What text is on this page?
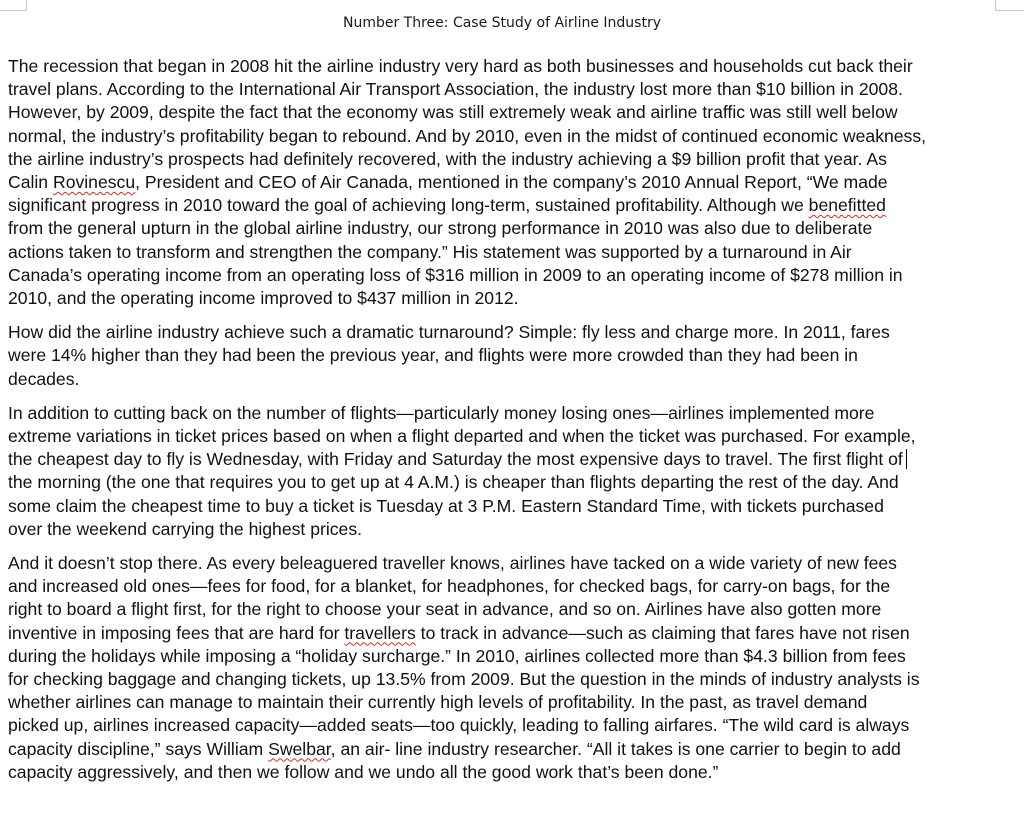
Number Three: Case Study of Airline Industry
The recession that began in 2008 hit the airline industry very hard as both businesses and households cut back their
travel plans. According to the International Air Transport Association, the industry lost more than $10 billion in 2008.
However, by 2009, despite the fact that the economy was still extremely weak and airline traffic was still well below
normal, the industry’s profitability began to rebound. And by 2010, even in the midst of continued economic weakness,
the airline industry’s prospects had definitely recovered, with the industry achieving a $9 billion profit that year. As
Calin Rovinescu, President and CEO of Air Canada, mentioned in the company’s 2010 Annual Report, “We made
significant progress in 2010 toward the goal of achieving long-term, sustained profitability. Although we benefitted
from the general upturn in the global airline industry, our strong performance in 2010 was also due to deliberate
actions taken to transform and strengthen the company.” His statement was supported by a turnaround in Air
Canada’s operating income from an operating loss of $316 million in 2009 to an operating income of $278 million in
2010, and the operating income improved to $437 million in 2012.
How did the airline industry achieve such a dramatic turnaround? Simple: fly less and charge more. In 2011, fares
were 14% higher than they had been the previous year, and flights were more crowded than they had been in
decades.
In addition to cutting back on the number of flights—particularly money losing ones—airlines implemented more
extreme variations in ticket prices based on when a flight departed and when the ticket was purchased. For example,
the cheapest day to fly is Wednesday, with Friday and Saturday the most expensive days to travel. The first flight of
the morning (the one that requires you to get up at 4 A.M.) is cheaper than flights departing the rest of the day. And
some claim the cheapest time to buy a ticket is Tuesday at 3 P.M. Eastern Standard Time, with tickets purchased
over the weekend carrying the highest prices.
And it doesn’t stop there. As every beleaguered traveller knows, airlines have tacked on a wide variety of new fees
and increased old ones—fees for food, for a blanket, for headphones, for checked bags, for carry-on bags, for the
right to board a flight first, for the right to choose your seat in advance, and so on. Airlines have also gotten more
inventive in imposing fees that are hard for travellers to track in advance—such as claiming that fares have not risen
during the holidays while imposing a “holiday surcharge.” In 2010, airlines collected more than $4.3 billion from fees
for checking baggage and changing tickets, up 13.5% from 2009. But the question in the minds of industry analysts is
whether airlines can manage to maintain their currently high levels of profitability. In the past, as travel demand
picked up, airlines increased capacity—added seats—too quickly, leading to falling airfares. “The wild card is always
capacity discipline,” says William Swelbar, an air- line industry researcher. “All it takes is one carrier to begin to add
capacity aggressively, and then we follow and we undo all the good work that’s been done.”
